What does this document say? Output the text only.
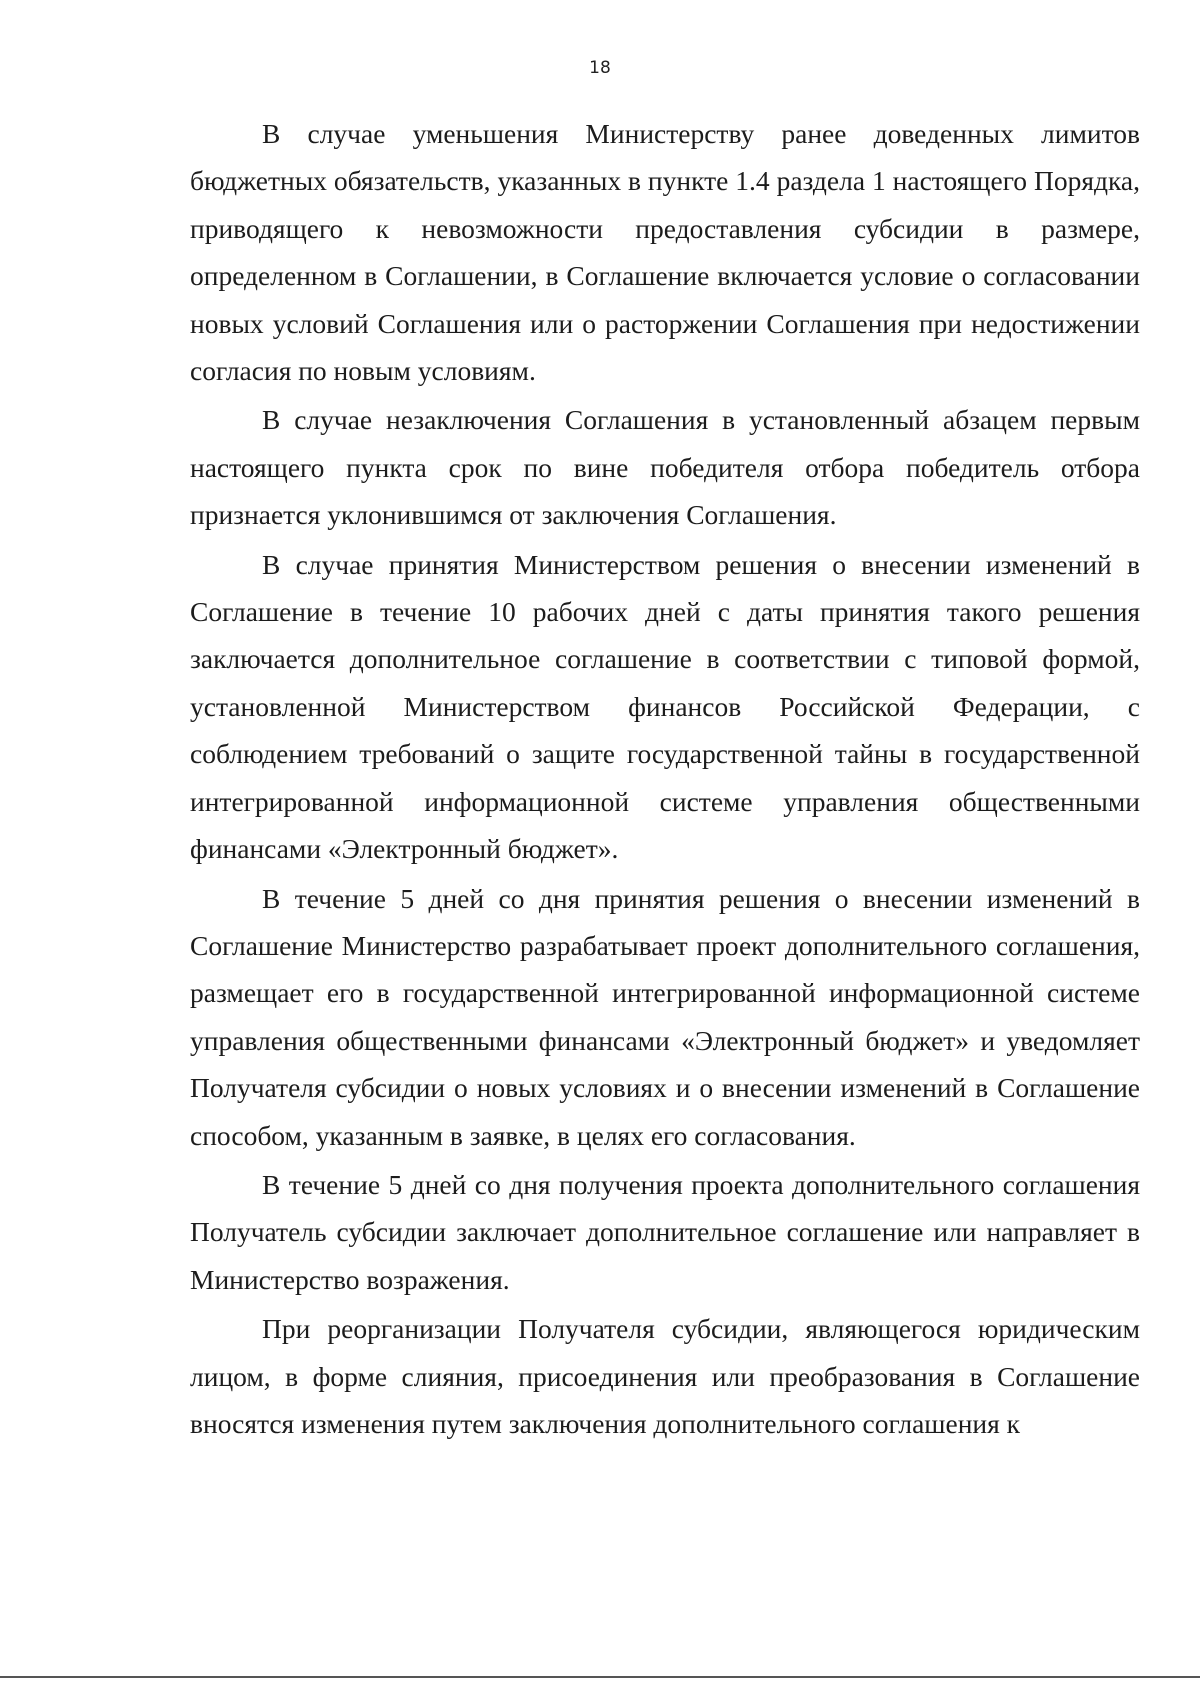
18

В случае уменьшения Министерству ранее доведенных лимитов бюджетных обязательств, указанных в пункте 1.4 раздела 1 настоящего Порядка, приводящего к невозможности предоставления субсидии в размере, определенном в Соглашении, в Соглашение включается условие о согласовании новых условий Соглашения или о расторжении Соглашения при недостижении согласия по новым условиям.

В случае незаключения Соглашения в установленный абзацем первым настоящего пункта срок по вине победителя отбора победитель отбора признается уклонившимся от заключения Соглашения.

В случае принятия Министерством решения о внесении изменений в Соглашение в течение 10 рабочих дней с даты принятия такого решения заключается дополнительное соглашение в соответствии с типовой формой, установленной Министерством финансов Российской Федерации, с соблюдением требований о защите государственной тайны в государственной интегрированной информационной системе управления общественными финансами «Электронный бюджет».

В течение 5 дней со дня принятия решения о внесении изменений в Соглашение Министерство разрабатывает проект дополнительного соглашения, размещает его в государственной интегрированной информационной системе управления общественными финансами «Электронный бюджет» и уведомляет Получателя субсидии о новых условиях и о внесении изменений в Соглашение способом, указанным в заявке, в целях его согласования.

В течение 5 дней со дня получения проекта дополнительного соглашения Получатель субсидии заключает дополнительное соглашение или направляет в Министерство возражения.

При реорганизации Получателя субсидии, являющегося юридическим лицом, в форме слияния, присоединения или преобразования в Соглашение вносятся изменения путем заключения дополнительного соглашения к
